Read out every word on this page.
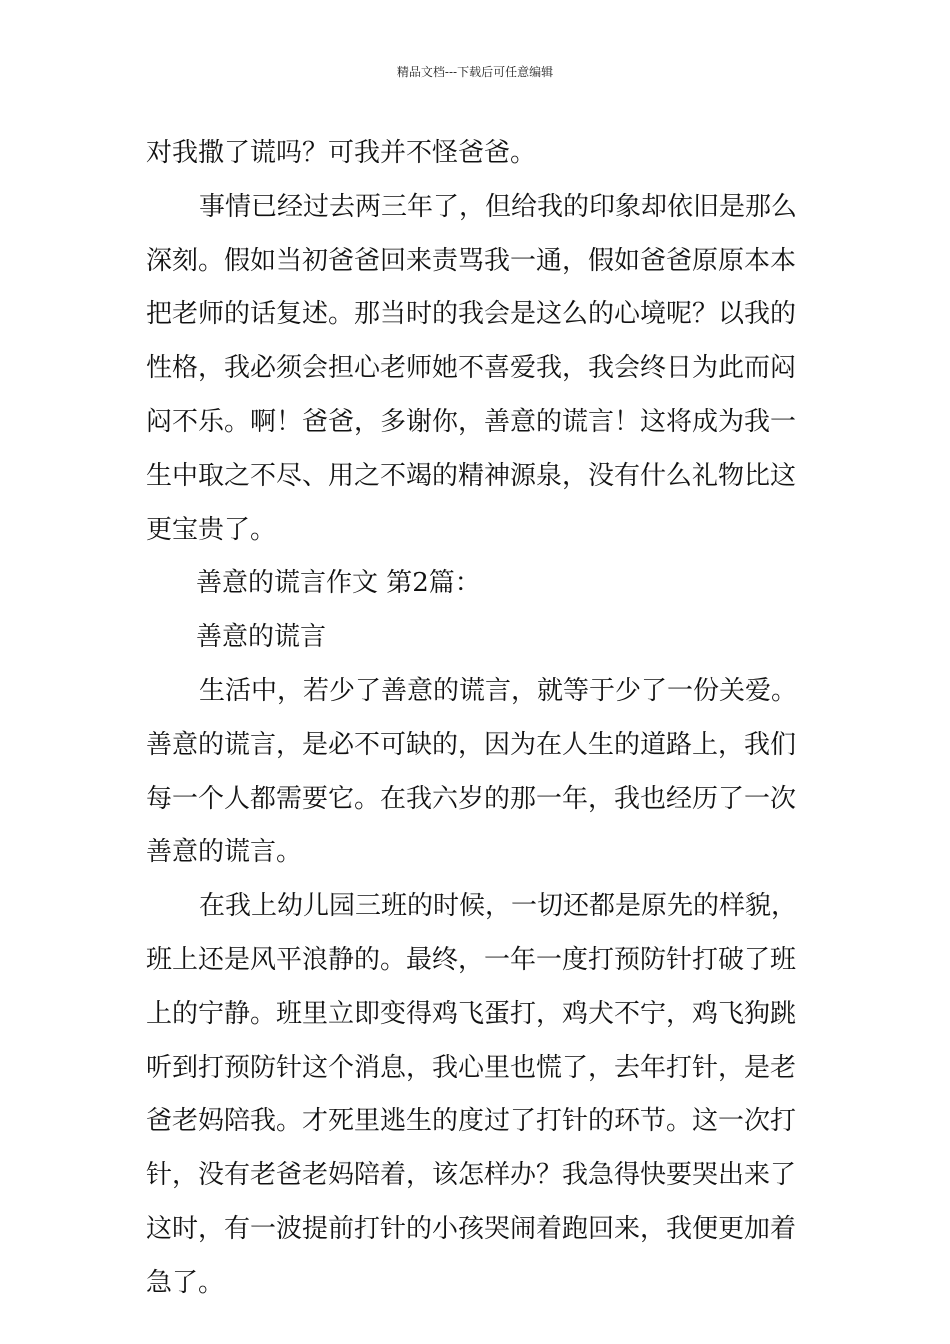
精品文档---下载后可任意编辑

对我撒了谎吗？可我并不怪爸爸。

事情已经过去两三年了，但给我的印象却依旧是那么

深刻。假如当初爸爸回来责骂我一通，假如爸爸原原本本

把老师的话复述。那当时的我会是这么的心境呢？以我的

性格，我必须会担心老师她不喜爱我，我会终日为此而闷

闷不乐。啊！爸爸，多谢你，善意的谎言！这将成为我一

生中取之不尽、用之不竭的精神源泉，没有什么礼物比这

更宝贵了。

善意的谎言作文 第2篇：

善意的谎言

生活中，若少了善意的谎言，就等于少了一份关爱。

善意的谎言，是必不可缺的，因为在人生的道路上，我们

每一个人都需要它。在我六岁的那一年，我也经历了一次

善意的谎言。

在我上幼儿园三班的时候，一切还都是原先的样貌，

班上还是风平浪静的。最终，一年一度打预防针打破了班

上的宁静。班里立即变得鸡飞蛋打，鸡犬不宁，鸡飞狗跳

听到打预防针这个消息，我心里也慌了，去年打针，是老

爸老妈陪我。才死里逃生的度过了打针的环节。这一次打

针，没有老爸老妈陪着，该怎样办？我急得快要哭出来了

这时，有一波提前打针的小孩哭闹着跑回来，我便更加着

急了。
